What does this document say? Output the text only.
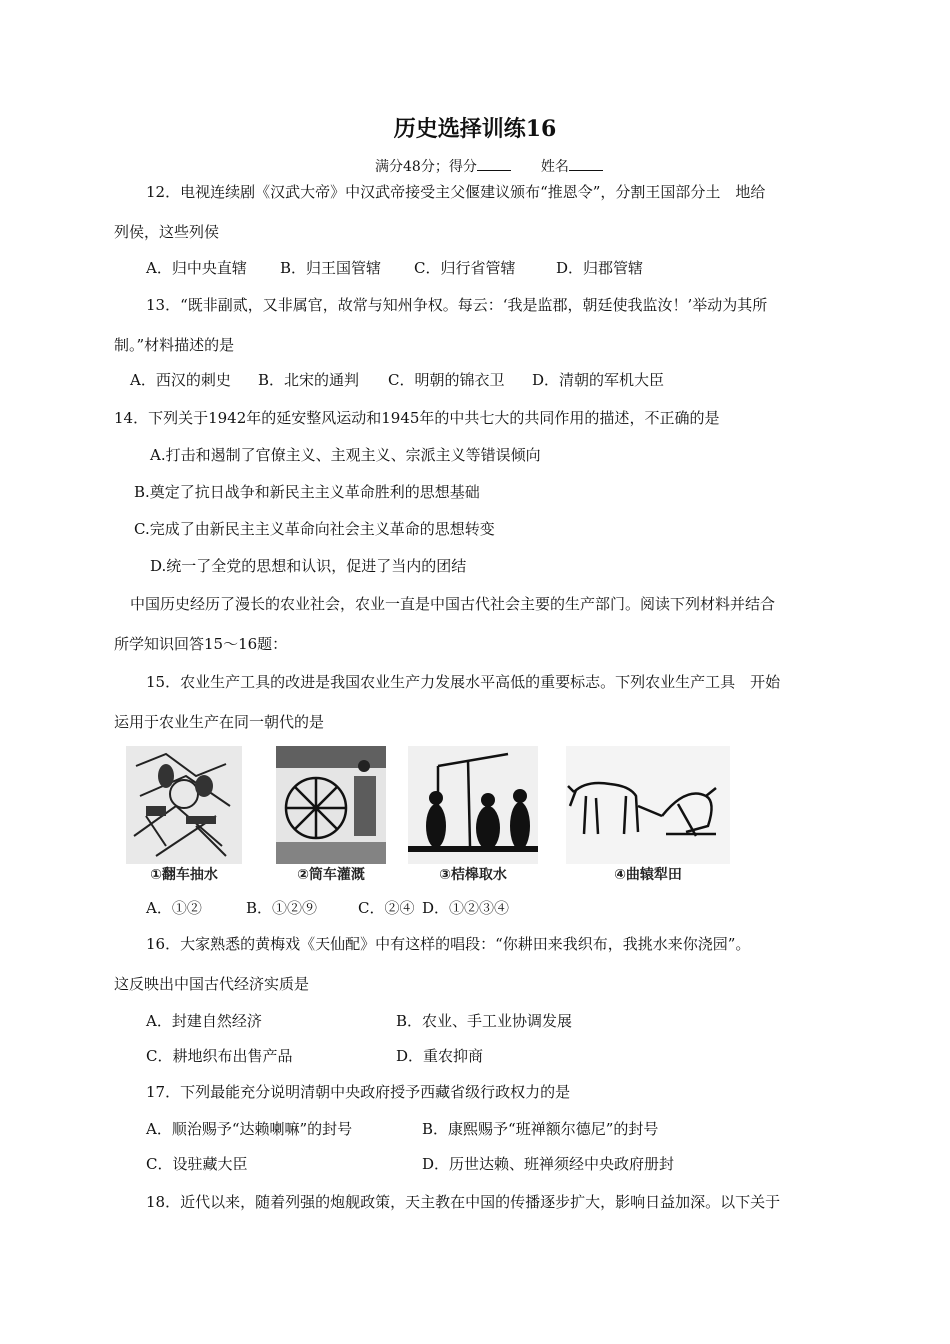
历史选择训练16
满分48分；得分	姓名
12．电视连续剧《汉武大帝》中汉武帝接受主父偃建议颁布“推恩令”，分割王国部分土　地给
列侯，这些列侯
A．归中央直辖 B．归王国管辖 C．归行省管辖	D．归郡管辖
13．“既非副贰，又非属官，故常与知州争权。每云：‘我是监郡，朝廷使我监汝！’举动为其所
制。”材料描述的是
A．西汉的刺史 B．北宋的通判 C．明朝的锦衣卫 D．清朝的军机大臣
14．下列关于1942年的延安整风运动和1945年的中共七大的共同作用的描述，不正确的是
A.打击和遏制了官僚主义、主观主义、宗派主义等错误倾向
B.奠定了抗日战争和新民主主义革命胜利的思想基础
C.完成了由新民主主义革命向社会主义革命的思想转变
D.统一了全党的思想和认识，促进了当内的团结
中国历史经历了漫长的农业社会，农业一直是中国古代社会主要的生产部门。阅读下列材料并结合
所学知识回答15～16题：
15．农业生产工具的改进是我国农业生产力发展水平高低的重要标志。下列农业生产工具　开始
运用于农业生产在同一朝代的是
①翻车抽水	②筒车灌溉	③桔槔取水	④曲辕犁田
A．①②	B．①②⑨	C．②④ D．①②③④
16．大家熟悉的黄梅戏《天仙配》中有这样的唱段：“你耕田来我织布，我挑水来你浇园”。
这反映出中国古代经济实质是
A．封建自然经济	B．农业、手工业协调发展
C．耕地织布出售产品	D．重农抑商
17．下列最能充分说明清朝中央政府授予西藏省级行政权力的是
A．顺治赐予“达赖喇嘛”的封号	B．康熙赐予“班禅额尔德尼”的封号
C．设驻藏大臣	D．历世达赖、班禅须经中央政府册封
18．近代以来，随着列强的炮舰政策，天主教在中国的传播逐步扩大，影响日益加深。以下关于
